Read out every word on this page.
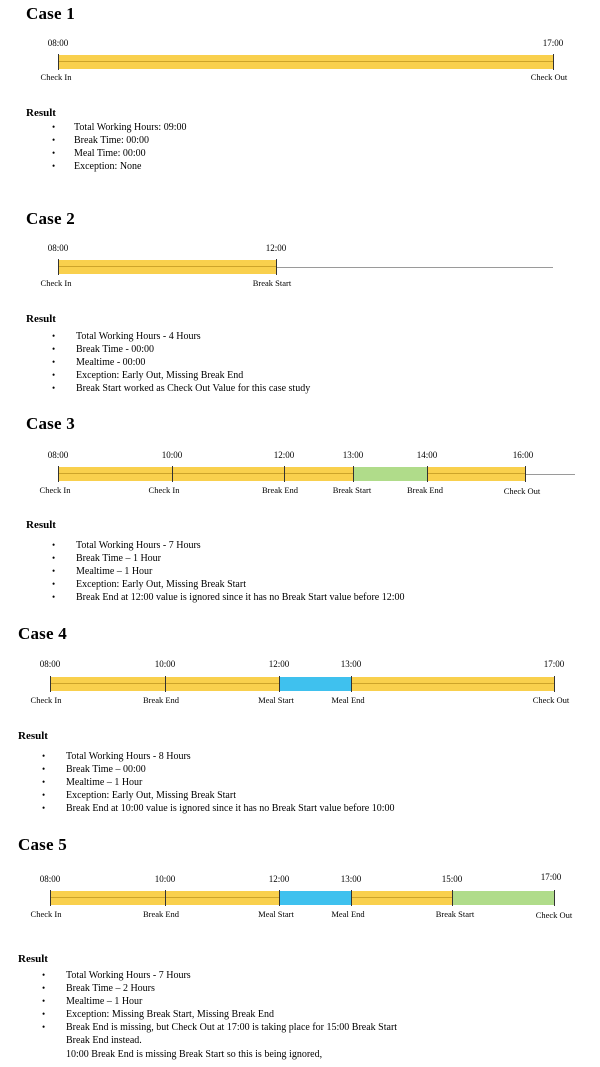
Case 1
08:00	17:00
Check In	Check Out
Result
• Total Working Hours: 09:00
• Break Time: 00:00
• Meal Time: 00:00
• Exception: None
Case 2
08:00	12:00
Check In	Break Start
Result
• Total Working Hours - 4 Hours
• Break Time - 00:00
• Mealtime - 00:00
• Exception: Early Out, Missing Break End
• Break Start worked as Check Out Value for this case study
Case 3
08:00	10:00	12:00	13:00	14:00	16:00
Check In	Check In	Break End	Break Start	Break End	Check Out
Result
• Total Working Hours - 7 Hours
• Break Time – 1 Hour
• Mealtime – 1 Hour
• Exception: Early Out, Missing Break Start
• Break End at 12:00 value is ignored since it has no Break Start value before 12:00
Case 4
08:00	10:00	12:00	13:00	17:00
Check In	Break End	Meal Start	Meal End	Check Out
Result
• Total Working Hours - 8 Hours
• Break Time – 00:00
• Mealtime – 1 Hour
• Exception: Early Out, Missing Break Start
• Break End at 10:00 value is ignored since it has no Break Start value before 10:00
Case 5
08:00	10:00	12:00	13:00	15:00	17:00
Check In	Break End	Meal Start	Meal End	Break Start	Check Out
Result
• Total Working Hours - 7 Hours
• Break Time – 2 Hours
• Mealtime – 1 Hour
• Exception: Missing Break Start, Missing Break End
• Break End is missing, but Check Out at 17:00 is taking place for 15:00 Break Start
Break End instead.
10:00 Break End is missing Break Start so this is being ignored,
